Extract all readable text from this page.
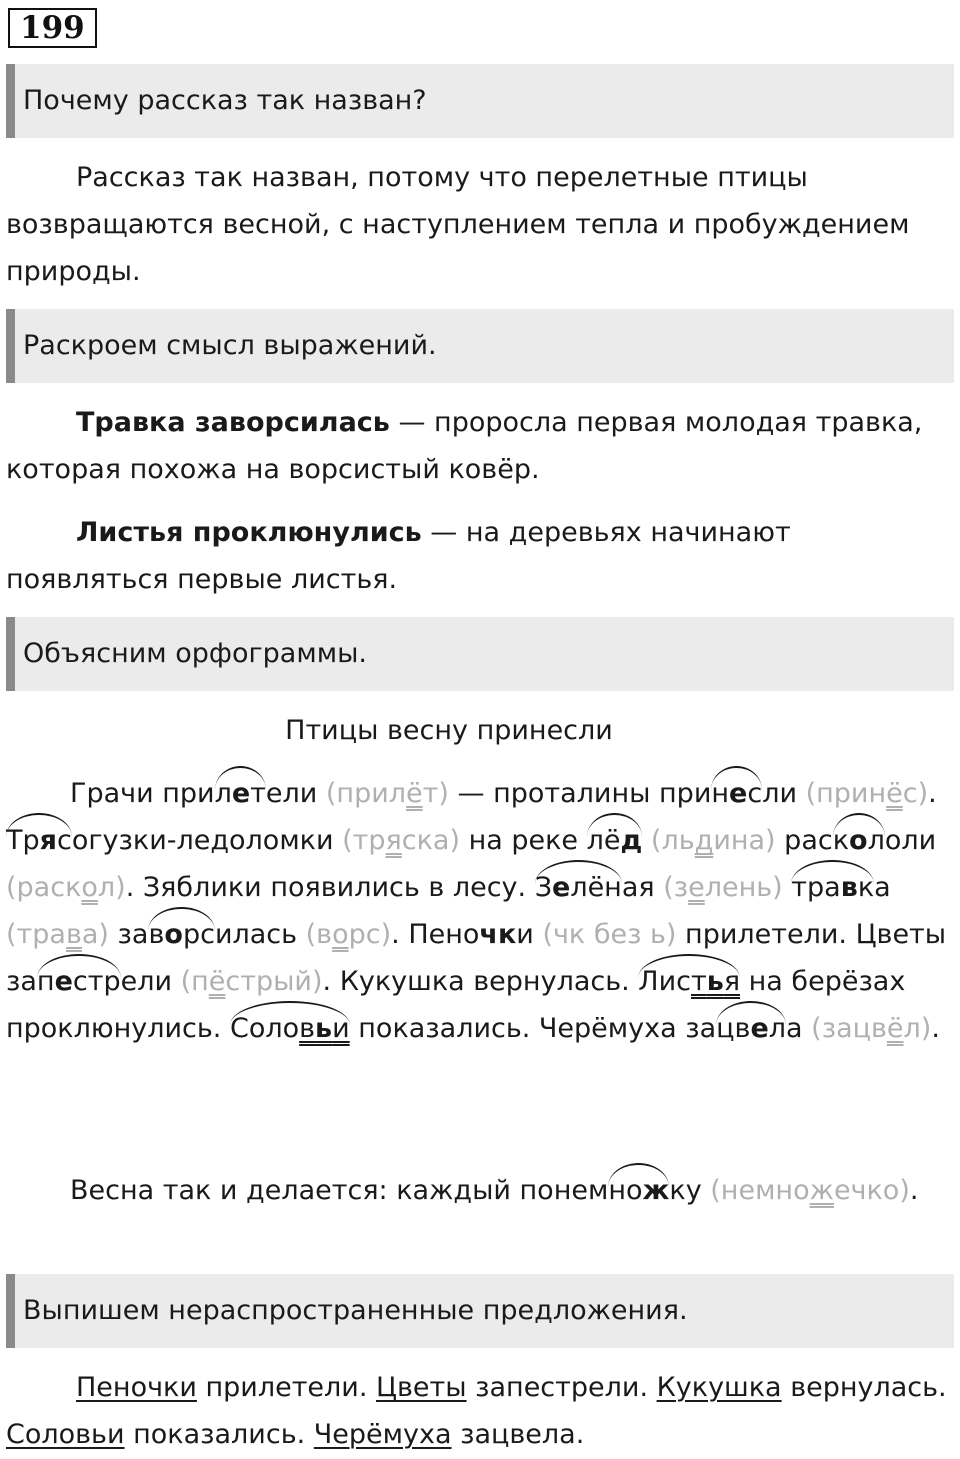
199
Почему рассказ так назван?
Рассказ так назван, потому что перелетные птицы возвращаются весной, с наступлением тепла и пробуждением природы.
Раскроем смысл выражений.
Травка заворсилась — проросла первая молодая травка, которая похожа на ворсистый ковёр.
Листья проклюнулись — на деревьях начинают появляться первые листья.
Объясним орфограммы.
Птицы весну принесли
Грачи прилетели (прилёт) — проталины принесли (принёс). Трясогузки-ледоломки (тряска) на реке лёд (льдина) раскололи (раскол). Зяблики появились в лесу. Зелёная (зелень) травка (трава) заворсилась (ворс). Пеночки (чк без ь) прилетели. Цветы запестрели (пёстрый). Кукушка вернулась. Листья на берёзах проклюнулись. Соловьи показались. Черёмуха зацвела (зацвёл).
Весна так и делается: каждый понемножку (немножечко).
Выпишем нераспространенные предложения.
Пеночки прилетели. Цветы запестрели. Кукушка вернулась. Соловьи показались. Черёмуха зацвела.
